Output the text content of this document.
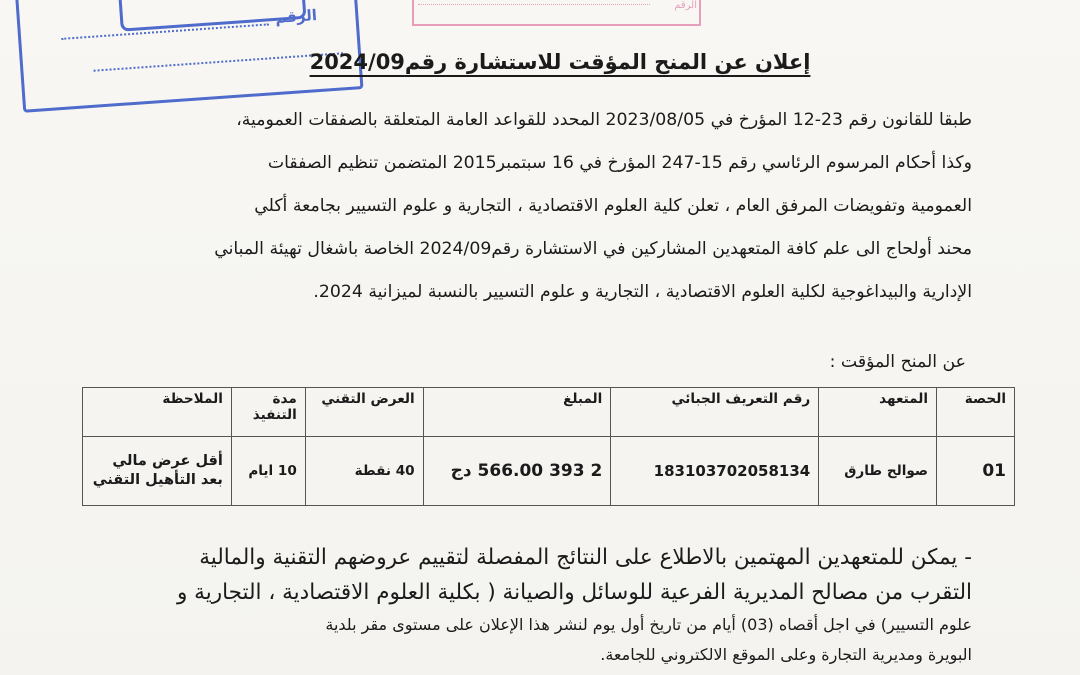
الرقم
الرقم
إعلان عن المنح المؤقت للاستشارة رقم2024/09
طبقا للقانون رقم 23-12 المؤرخ في 2023/08/05 المحدد للقواعد العامة المتعلقة بالصفقات العمومية،
وكذا أحكام المرسوم الرئاسي رقم 15-247 المؤرخ في 16 سبتمبر2015 المتضمن تنظيم الصفقات
العمومية وتفويضات المرفق العام ، تعلن كلية العلوم الاقتصادية ، التجارية و علوم التسيير بجامعة أكلي
محند أولحاج الى علم كافة المتعهدين المشاركين في الاستشارة رقم2024/09 الخاصة باشغال تهيئة المباني
الإدارية والبيداغوجية لكلية العلوم الاقتصادية ، التجارية و علوم التسيير بالنسبة لميزانية 2024.
عن المنح المؤقت :
الحصة	المتعهد	رقم التعريف الجبائي	المبلغ	العرض التقني	مدة التنفيذ	الملاحظة
01	صوالح طارق	183103702058134	2 393 566.00 دج	40 نقطة	10 ايام	أقل عرض مالي بعد التأهيل التقني
- يمكن للمتعهدين المهتمين بالاطلاع على النتائج المفصلة لتقييم عروضهم التقنية والمالية
التقرب من مصالح المديرية الفرعية للوسائل والصيانة ( بكلية العلوم الاقتصادية ، التجارية و
علوم التسيير) في اجل أقصاه (03) أيام من تاريخ أول يوم لنشر هذا الإعلان على مستوى مقر بلدية
البويرة ومديرية التجارة وعلى الموقع الالكتروني للجامعة.
